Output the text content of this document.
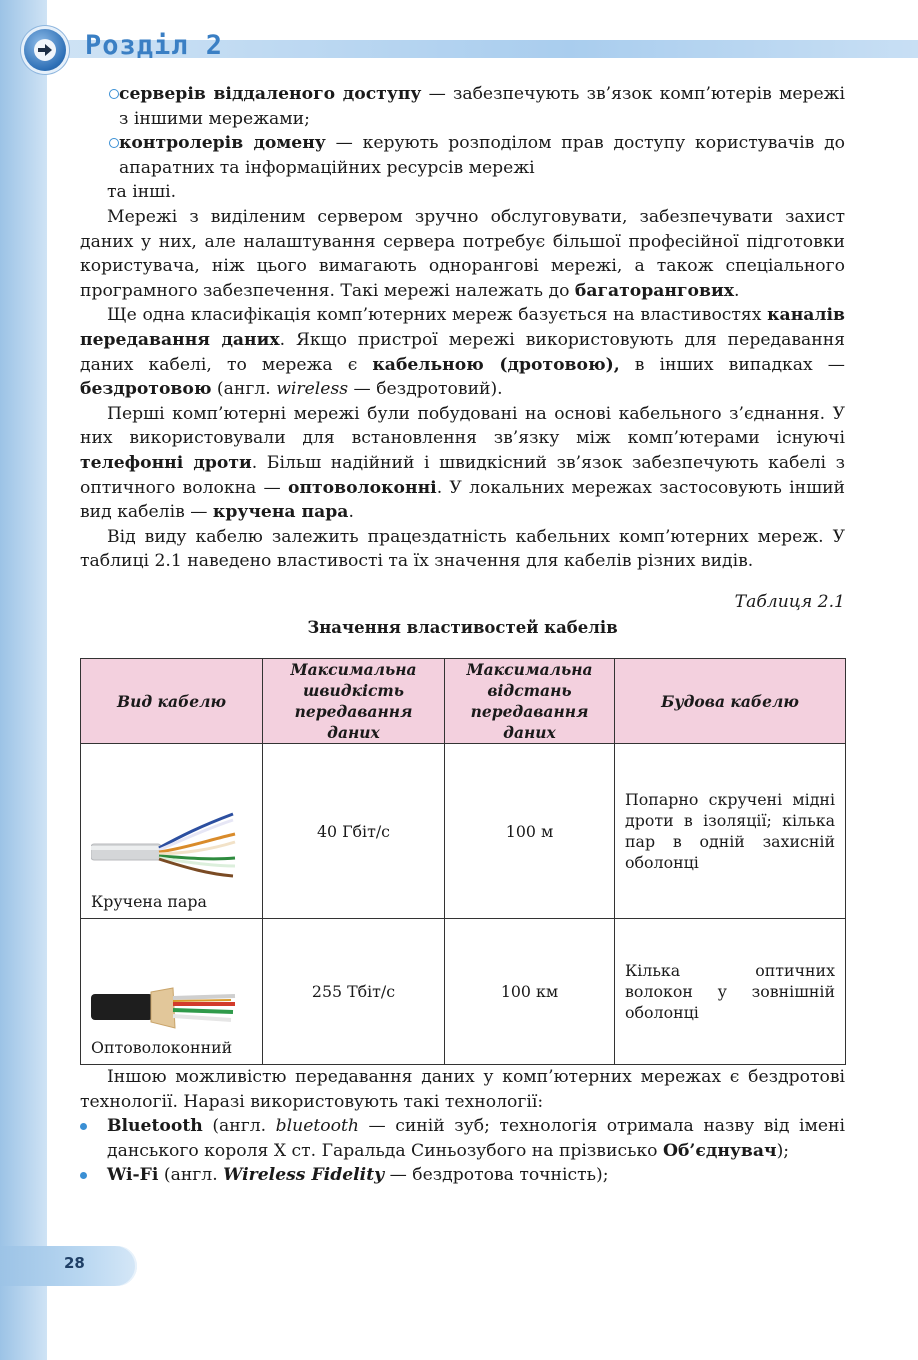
Розділ 2
серверів віддаленого доступу — забезпечують зв’язок комп’ютерів мережі з іншими мережами;
контролерів домену — керують розподілом прав доступу користувачів до апаратних та інформаційних ресурсів мережі

та інші.

Мережі з виділеним сервером зручно обслуговувати, забезпечувати захист даних у них, але налаштування сервера потребує більшої професійної підготовки користувача, ніж цього вимагають однорангові мережі, а також спеціального програмного забезпечення. Такі мережі належать до багаторангових.

Ще одна класифікація комп’ютерних мереж базується на властивостях каналів передавання даних. Якщо пристрої мережі використовують для передавання даних кабелі, то мережа є кабельною (дротовою), в інших випадках — бездротовою (англ. wireless — бездротовий).

Перші комп’ютерні мережі були побудовані на основі кабельного з’єднання. У них використовували для встановлення зв’язку між комп’ютерами існуючі телефонні дроти. Більш надійний і швидкісний зв’язок забезпечують кабелі з оптичного волокна — оптоволоконні. У локальних мережах застосовують інший вид кабелів — кручена пара.

Від виду кабелю залежить працездатність кабельних комп’ютерних мереж. У таблиці 2.1 наведено властивості та їх значення для кабелів різних видів.

Таблиця 2.1
Значення властивостей кабелів
Вид кабелю	Максимальна швидкість передавання даних	Максимальна відстань передавання даних	Будова кабелю

Кручена пара	40 Гбіт/с	100 м	Попарно скручені мідні дроти в ізоляції; кілька пар в одній захисній оболонці

Оптоволоконний	255 Тбіт/с	100 км	Кілька оптичних волокон у зовнішній оболонці

Іншою можливістю передавання даних у комп’ютерних мережах є бездротові технології. Наразі використовують такі технології:

Bluetooth (англ. bluetooth — синій зуб; технологія отримала назву від імені данського короля X ст. Гаральда Синьозубого на прізвисько Об’єднувач);
Wi-Fi (англ. Wireless Fidelity — бездротова точність);
28
